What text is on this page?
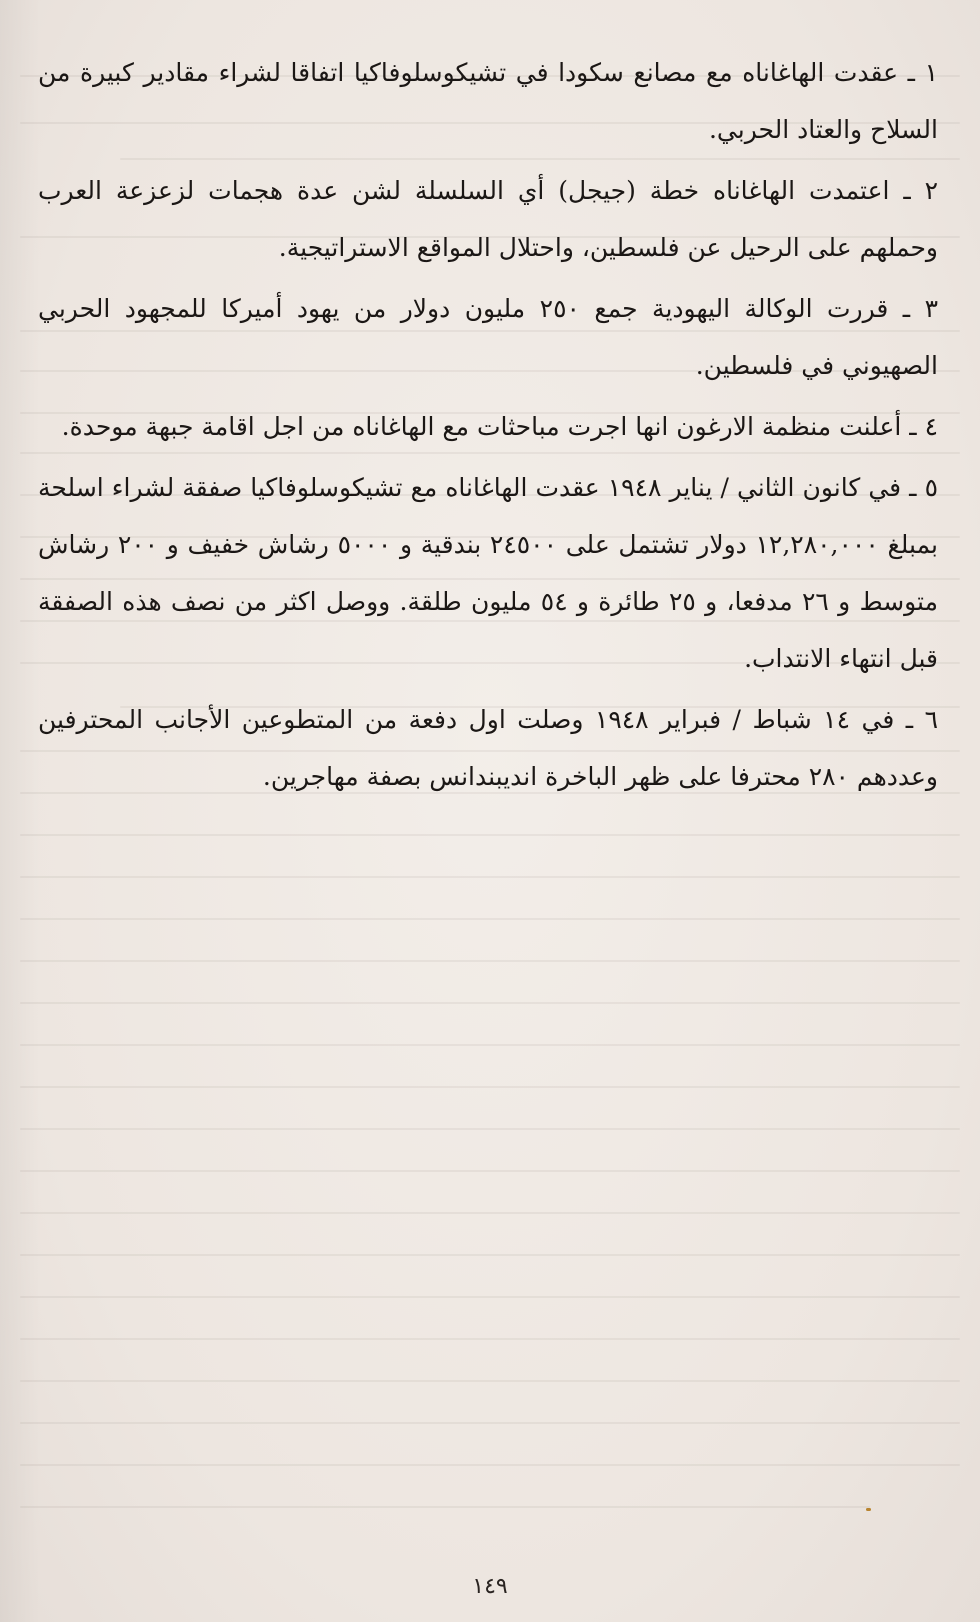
١ ـ عقدت الهاغاناه مع مصانع سكودا في تشيكوسلوفاكيا اتفاقا لشراء مقادير كبيرة من السلاح والعتاد الحربي.

٢ ـ اعتمدت الهاغاناه خطة (جيجل) أي السلسلة لشن عدة هجمات لزعزعة العرب وحملهم على الرحيل عن فلسطين، واحتلال المواقع الاستراتيجية.

٣ ـ قررت الوكالة اليهودية جمع ٢٥٠ مليون دولار من يهود أميركا للمجهود الحربي الصهيوني في فلسطين.

٤ ـ أعلنت منظمة الارغون انها اجرت مباحثات مع الهاغاناه من اجل اقامة جبهة موحدة.

٥ ـ في كانون الثاني / يناير ١٩٤٨ عقدت الهاغاناه مع تشيكوسلوفاكيا صفقة لشراء اسلحة بمبلغ ١٢,٢٨٠,٠٠٠ دولار تشتمل على ٢٤٥٠٠ بندقية و ٥٠٠٠ رشاش خفيف و ٢٠٠ رشاش متوسط و ٢٦ مدفعا، و ٢٥ طائرة و ٥٤ مليون طلقة. ووصل اكثر من نصف هذه الصفقة قبل انتهاء الانتداب.

٦ ـ في ١٤ شباط / فبراير ١٩٤٨ وصلت اول دفعة من المتطوعين الأجانب المحترفين وعددهم ٢٨٠ محترفا على ظهر الباخرة انديبندانس بصفة مهاجرين.

١٤٩
